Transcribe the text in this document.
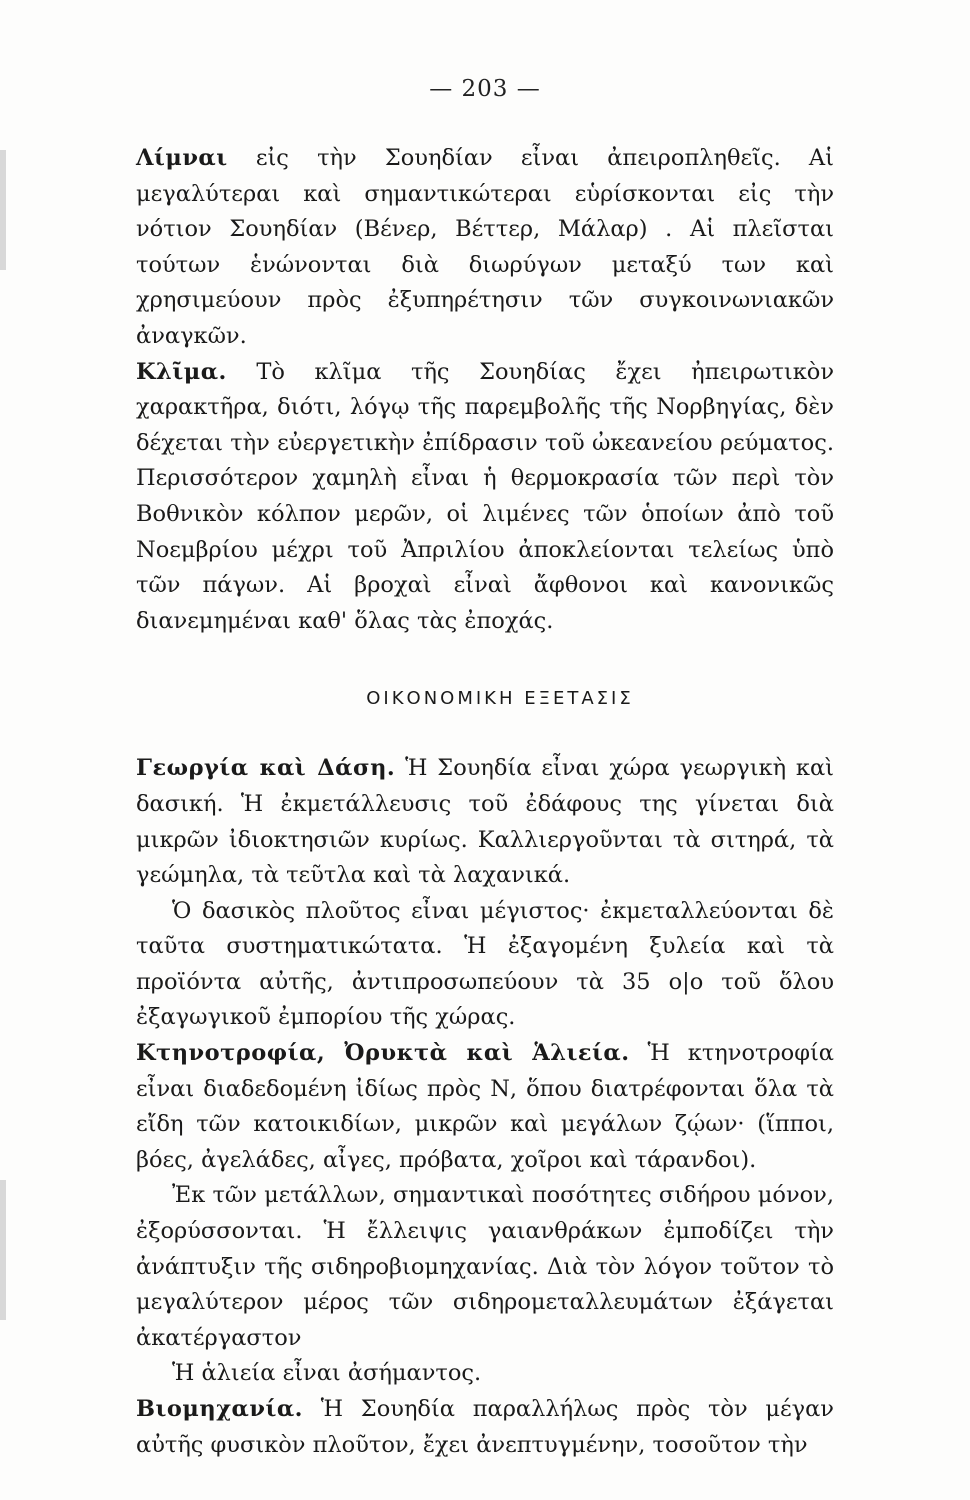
— 203 —

Λίμναι εἰς τὴν Σουηδίαν εἶναι ἀπειροπληθεῖς. Αἱ μεγαλύτεραι καὶ σημαντικώτεραι εὑρίσκονται εἰς τὴν νότιον Σουηδίαν (Βένερ, Βέττερ, Μάλαρ) . Αἱ πλεῖσται τούτων ἑνώνονται διὰ διωρύγων μεταξύ των καὶ χρησιμεύουν πρὸς ἐξυπηρέτησιν τῶν συγκοινωνιακῶν ἀναγκῶν.

Κλῖμα. Τὸ κλῖμα τῆς Σουηδίας ἔχει ἠπειρωτικὸν χαρακτῆρα, διότι, λόγῳ τῆς παρεμβολῆς τῆς Νορβηγίας, δὲν δέχεται τὴν εὐεργετικὴν ἐπίδρασιν τοῦ ὠκεανείου ρεύματος. Περισσότερον χαμηλὴ εἶναι ἡ θερμοκρασία τῶν περὶ τὸν Βοθνικὸν κόλπον μερῶν, οἱ λιμένες τῶν ὁποίων ἀπὸ τοῦ Νοεμβρίου μέχρι τοῦ Ἀπριλίου ἀποκλείονται τελείως ὑπὸ τῶν πάγων. Αἱ βροχαὶ εἶναὶ ἄφθονοι καὶ κανονικῶς διανεμημέναι καθ' ὅλας τὰς ἐποχάς.

ΟΙΚΟΝΟΜΙΚΗ ΕΞΕΤΑΣΙΣ

Γεωργία καὶ Δάση. Ἡ Σουηδία εἶναι χώρα γεωργικὴ καὶ δασική. Ἡ ἐκμετάλλευσις τοῦ ἐδάφους της γίνεται διὰ μικρῶν ἰδιοκτησιῶν κυρίως. Καλλιεργοῦνται τὰ σιτηρά, τὰ γεώμηλα, τὰ τεῦτλα καὶ τὰ λαχανικά.

Ὁ δασικὸς πλοῦτος εἶναι μέγιστος· ἐκμεταλλεύονται δὲ ταῦτα συστηματικώτατα. Ἡ ἐξαγομένη ξυλεία καὶ τὰ προϊόντα αὐτῆς, ἀντιπροσωπεύουν τὰ 35 ο|ο τοῦ ὅλου ἐξαγωγικοῦ ἐμπορίου τῆς χώρας.

Κτηνοτροφία, Ὀρυκτὰ καὶ Ἁλιεία. Ἡ κτηνοτροφία εἶναι διαδεδομένη ἰδίως πρὸς Ν, ὅπου διατρέφονται ὅλα τὰ εἴδη τῶν κατοικιδίων, μικρῶν καὶ μεγάλων ζῴων· (ἵπποι, βόες, ἀγελάδες, αἶγες, πρόβατα, χοῖροι καὶ τάρανδοι).

Ἐκ τῶν μετάλλων, σημαντικαὶ ποσότητες σιδήρου μόνον, ἐξορύσσονται. Ἡ ἔλλειψις γαιανθράκων ἐμποδίζει τὴν ἀνάπτυξιν τῆς σιδηροβιομηχανίας. Διὰ τὸν λόγον τοῦτον τὸ μεγαλύτερον μέρος τῶν σιδηρομεταλλευμάτων ἐξάγεται ἀκατέργαστον

Ἡ ἁλιεία εἶναι ἀσήμαντος.

Βιομηχανία. Ἡ Σουηδία παραλλήλως πρὸς τὸν μέγαν αὐτῆς φυσικὸν πλοῦτον, ἔχει ἀνεπτυγμένην, τοσοῦτον τὴν
